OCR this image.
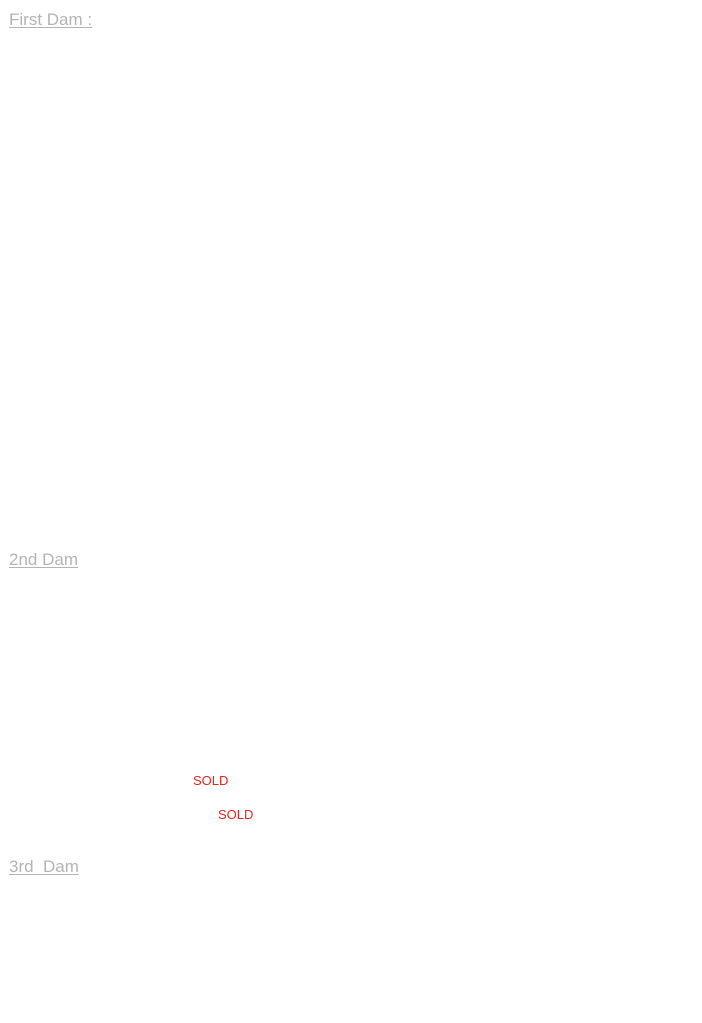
First Dam :
2nd Dam
SOLD
SOLD
3rd  Dam
